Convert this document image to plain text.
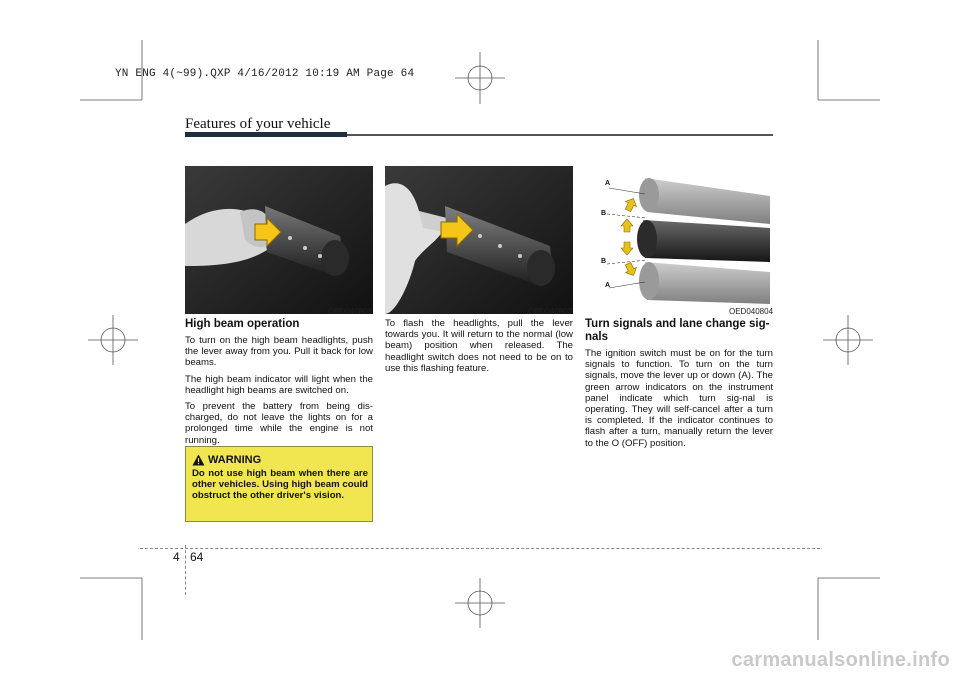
YN ENG 4(~99).QXP 4/16/2012 10:19 AM Page 64
Features of your vehicle
OED040801	OED040802
A
B
B
A
OED040804
High beam operation

To turn on the high beam headlights, push the lever away from you. Pull it back for low beams.

The high beam indicator will light when the headlight high beams are switched on.

To prevent the battery from being dis-charged, do not leave the lights on for a prolonged time while the engine is not running.

WARNING
Do not use high beam when there are other vehicles. Using high beam could obstruct the other driver's vision.

To flash the headlights, pull the lever towards you. It will return to the normal (low beam) position when released. The headlight switch does not need to be on to use this flashing feature.

Turn signals and lane change sig-nals

The ignition switch must be on for the turn signals to function. To turn on the turn signals, move the lever up or down (A). The green arrow indicators on the instrument panel indicate which turn sig-nal is operating. They will self-cancel after a turn is completed. If the indicator continues to flash after a turn, manually return the lever to the O (OFF) position.

4 64
carmanualsonline.info
